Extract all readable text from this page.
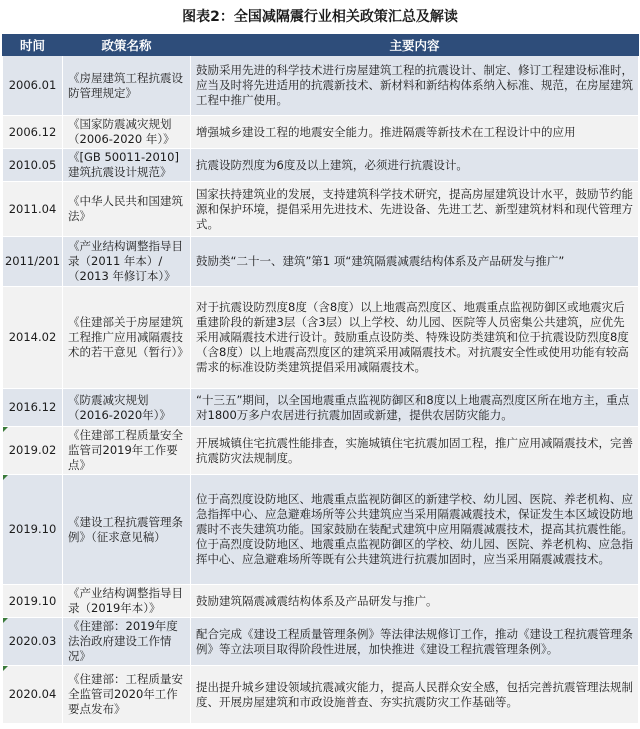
图表2：全国减隔震行业相关政策汇总及解读
时间	政策名称	主要内容
2006.01	《房屋建筑工程抗震设防管理规定》	鼓励采用先进的科学技术进行房屋建筑工程的抗震设计、制定、修订工程建设标准时，应当及时将先进适用的抗震新技术、新材料和新结构体系纳入标准、规范，在房屋建筑工程中推广使用。
2006.12	《国家防震减灾规划（2006-2020 年）》	增强城乡建设工程的地震安全能力。推进隔震等新技术在工程设计中的应用
2010.05	《[GB 50011-2010]建筑抗震设计规范》	抗震设防烈度为6度及以上建筑，必须进行抗震设计。
2011.04	《中华人民共和国建筑法》	国家扶持建筑业的发展，支持建筑科学技术研究，提高房屋建筑设计水平，鼓励节约能源和保护环境，提倡采用先进技术、先进设备、先进工艺、新型建筑材料和现代管理方式。
2011/201	《产业结构调整指导目录（2011 年本）/（2013 年修订本）》	鼓励类“二十一、建筑”第1 项“建筑隔震减震结构体系及产品研发与推广”
2014.02	《住建部关于房屋建筑工程推广应用减隔震技术的若干意见（暂行）》	对于抗震设防烈度8度（含8度）以上地震高烈度区、地震重点监视防御区或地震灾后重建阶段的新建3层（含3层）以上学校、幼儿园、医院等人员密集公共建筑，应优先采用减隔震技术进行设计。鼓励重点设防类、特殊设防类建筑和位于抗震设防烈度8度（含8度）以上地震高烈度区的建筑采用减隔震技术。对抗震安全性或使用功能有较高需求的标准设防类建筑提倡采用减隔震技术。
2016.12	《防震减灾规划（2016-2020年）》	“十三五”期间，以全国地震重点监视防御区和8度以上地震高烈度区所在地方主，重点对1800万多户农居进行抗震加固或新建，提供农居防灾能力。
2019.02	《住建部工程质量安全监管司2019年工作要点》	开展城镇住宅抗震性能排查，实施城镇住宅抗震加固工程，推广应用减隔震技术，完善抗震防灾法规制度。
2019.10	《建设工程抗震管理条例》（征求意见稿）	位于高烈度设防地区、地震重点监视防御区的新建学校、幼儿园、医院、养老机构、应急指挥中心、应急避难场所等公共建筑应当采用隔震减震技术，保证发生本区域设防地震时不丧失建筑功能。国家鼓励在装配式建筑中应用隔震减震技术，提高其抗震性能。位于高烈度设防地区、地震重点监视防御区的学校、幼儿园、医院、养老机构、应急指挥中心、应急避难场所等既有公共建筑进行抗震加固时，应当采用隔震减震技术。
2019.10	《产业结构调整指导目录（2019年本）》	鼓励建筑隔震减震结构体系及产品研发与推广。
2020.03	《住建部：2019年度法治政府建设工作情况》	配合完成《建设工程质量管理条例》等法律法规修订工作，推动《建设工程抗震管理条例》等立法项目取得阶段性进展，加快推进《建设工程抗震管理条例》。
2020.04	《住建部：工程质量安全监管司2020年工作要点发布》	提出提升城乡建设领域抗震减灾能力，提高人民群众安全感，包括完善抗震管理法规制度、开展房屋建筑和市政设施普查、夯实抗震防灾工作基础等。
